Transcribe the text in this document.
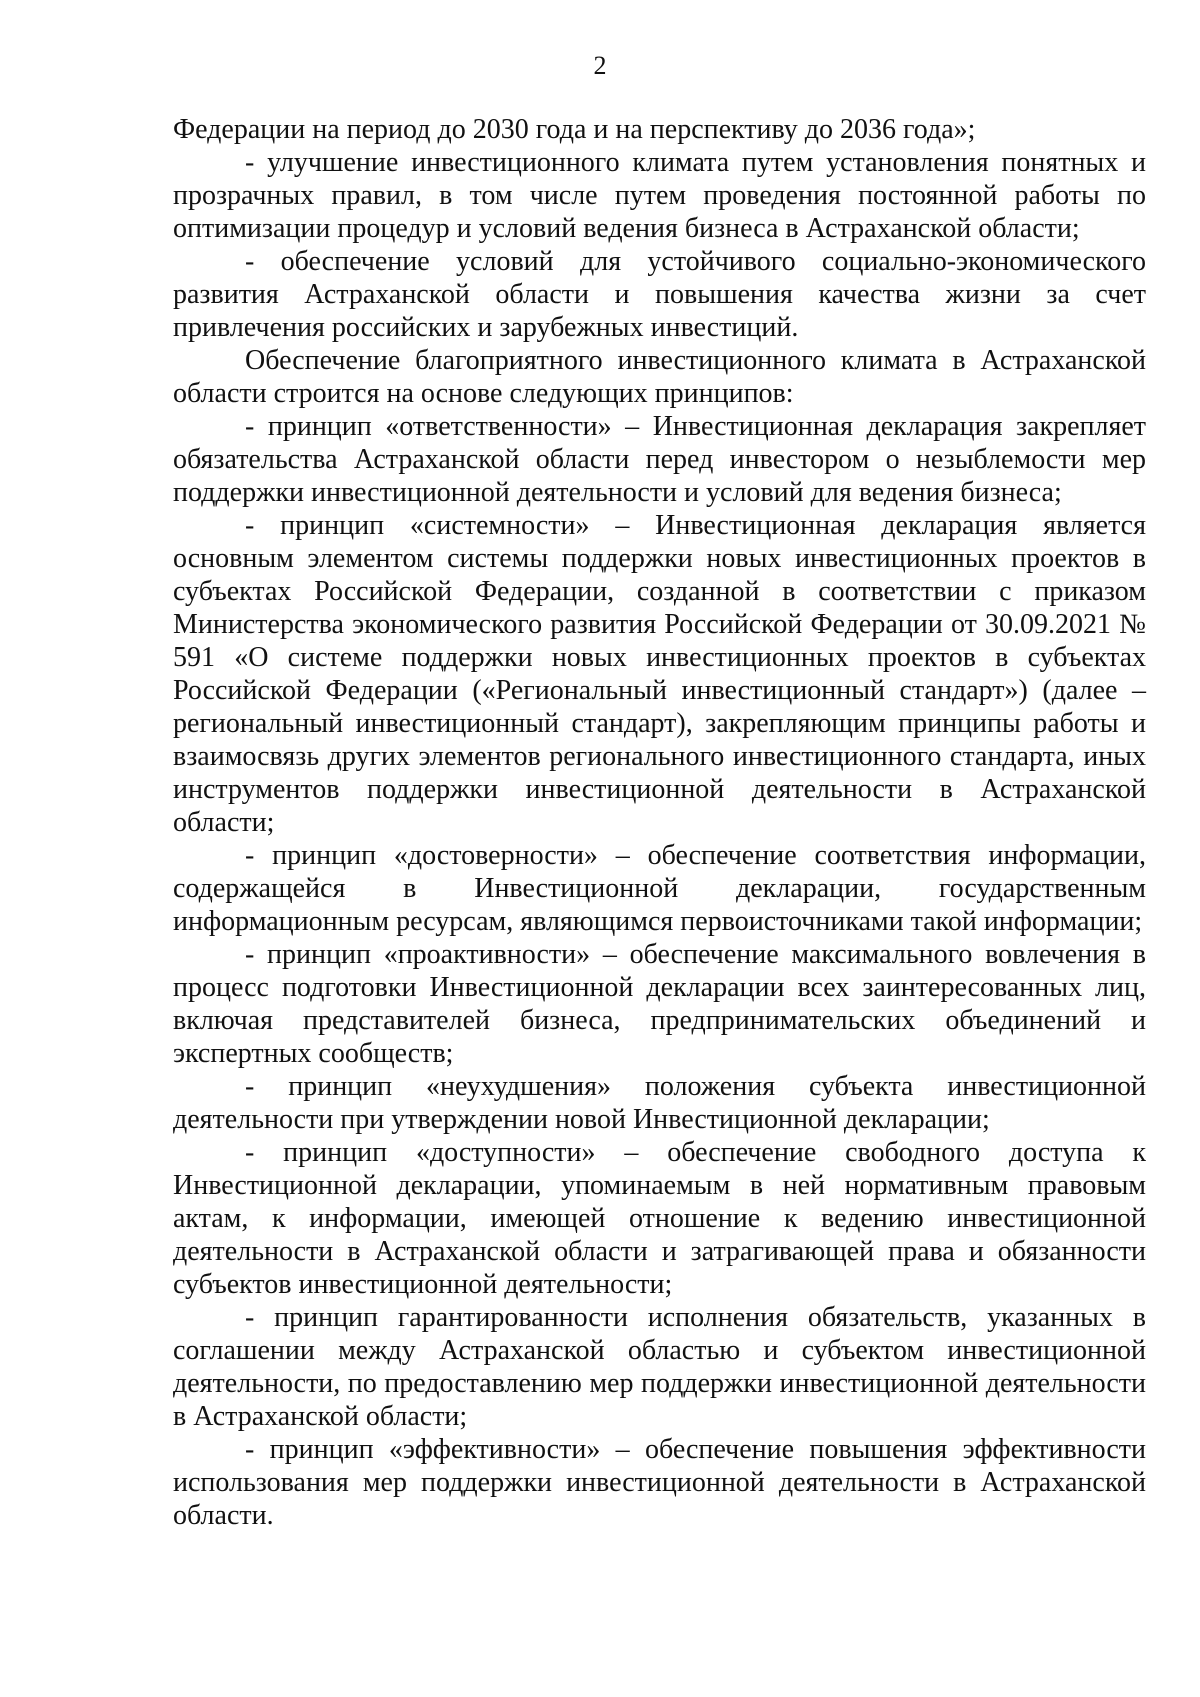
2

Федерации на период до 2030 года и на перспективу до 2036 года»;

- улучшение инвестиционного климата путем установления понятных и прозрачных правил, в том числе путем проведения постоянной работы по оптимизации процедур и условий ведения бизнеса в Астраханской области;

- обеспечение условий для устойчивого социально-экономического развития Астраханской области и повышения качества жизни за счет привлечения российских и зарубежных инвестиций.

Обеспечение благоприятного инвестиционного климата в Астраханской области строится на основе следующих принципов:

- принцип «ответственности» – Инвестиционная декларация закрепляет обязательства Астраханской области перед инвестором о незыблемости мер поддержки инвестиционной деятельности и условий для ведения бизнеса;

- принцип «системности» – Инвестиционная декларация является основным элементом системы поддержки новых инвестиционных проектов в субъектах Российской Федерации, созданной в соответствии с приказом Министерства экономического развития Российской Федерации от 30.09.2021 № 591 «О системе поддержки новых инвестиционных проектов в субъектах Российской Федерации («Региональный инвестиционный стандарт») (далее – региональный инвестиционный стандарт), закрепляющим принципы работы и взаимосвязь других элементов регионального инвестиционного стандарта, иных инструментов поддержки инвестиционной деятельности в Астраханской области;

- принцип «достоверности» – обеспечение соответствия информации, содержащейся в Инвестиционной декларации, государственным информационным ресурсам, являющимся первоисточниками такой информации;

- принцип «проактивности» – обеспечение максимального вовлечения в процесс подготовки Инвестиционной декларации всех заинтересованных лиц, включая представителей бизнеса, предпринимательских объединений и экспертных сообществ;

- принцип «неухудшения» положения субъекта инвестиционной деятельности при утверждении новой Инвестиционной декларации;

- принцип «доступности» – обеспечение свободного доступа к Инвестиционной декларации, упоминаемым в ней нормативным правовым актам, к информации, имеющей отношение к ведению инвестиционной деятельности в Астраханской области и затрагивающей права и обязанности субъектов инвестиционной деятельности;

- принцип гарантированности исполнения обязательств, указанных в соглашении между Астраханской областью и субъектом инвестиционной деятельности, по предоставлению мер поддержки инвестиционной деятельности в Астраханской области;

- принцип «эффективности» – обеспечение повышения эффективности использования мер поддержки инвестиционной деятельности в Астраханской области.
